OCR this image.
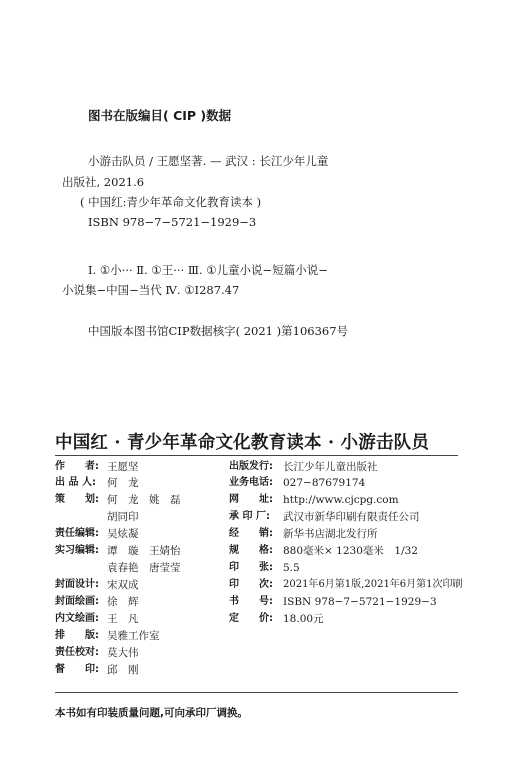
图书在版编目( CIP )数据
小游击队员 / 王愿坚著. — 武汉 : 长江少年儿童
出版社, 2021.6
( 中国红:青少年革命文化教育读本 )
ISBN 978−7−5721−1929−3
Ⅰ. ①小··· Ⅱ. ①王··· Ⅲ. ①儿童小说−短篇小说−
小说集−中国−当代 Ⅳ. ①I287.47
中国版本图书馆CIP数据核字( 2021 )第106367号
中国红 · 青少年革命文化教育读本 · 小游击队员
作　　者: 王愿坚
出 品 人: 何　龙
策　　划: 何　龙　姚　磊
胡同印
责任编辑: 吴炫凝
实习编辑: 谭　璇　王婧怡
袁春艳　唐莹莹
封面设计: 宋双成
封面绘画: 徐　辉
内文绘画: 王　凡
排　　版: 吴雅工作室
责任校对: 莫大伟
督　　印: 邱　刚
出版发行: 长江少年儿童出版社
业务电话: 027−87679174
网　　址: http://www.cjcpg.com
承 印 厂: 武汉市新华印刷有限责任公司
经　　销: 新华书店湖北发行所
规　　格: 880毫米× 1230毫米　1/32
印　　张: 5.5
印　　次: 2021年6月第1版,2021年6月第1次印刷
书　　号: ISBN 978−7−5721−1929−3
定　　价: 18.00元
本书如有印装质量问题,可向承印厂调换。
